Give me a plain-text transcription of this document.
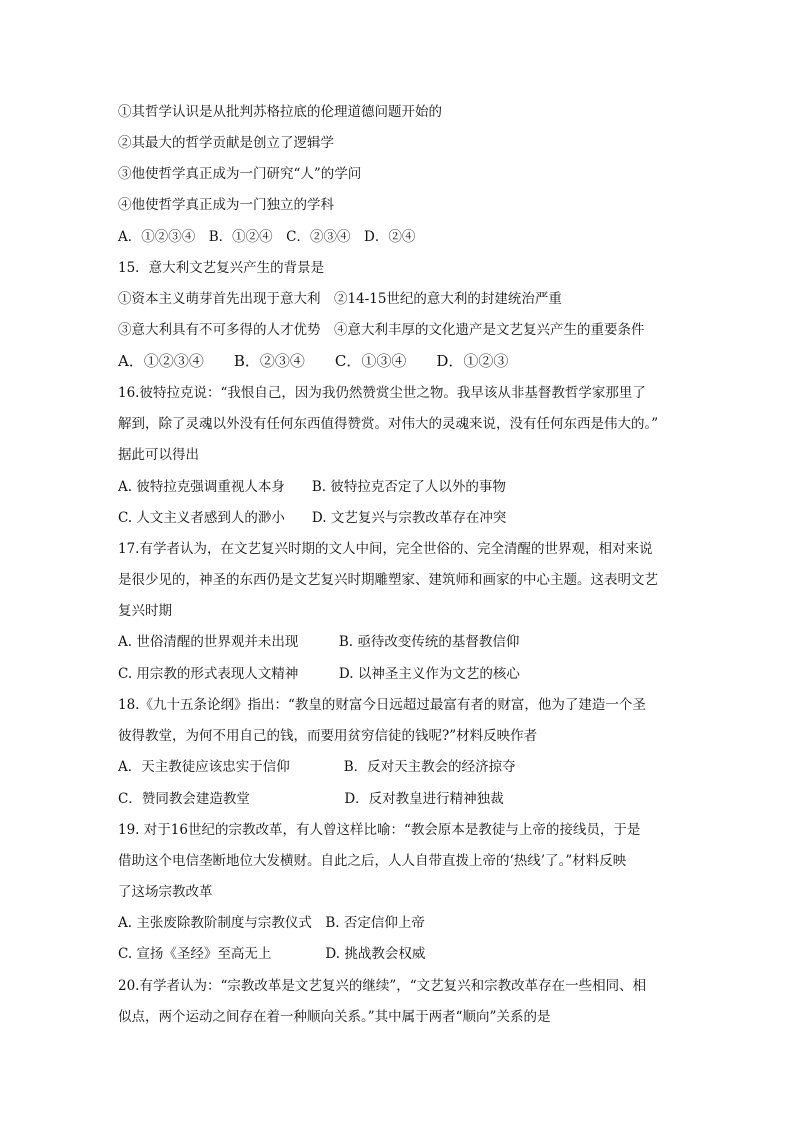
①其哲学认识是从批判苏格拉底的伦理道德问题开始的
②其最大的哲学贡献是创立了逻辑学
③他使哲学真正成为一门研究“人”的学问
④他使哲学真正成为一门独立的学科
A．①②③④　B．①②④　C．②③④　D．②④
15．意大利文艺复兴产生的背景是
①资本主义萌芽首先出现于意大利　②14-15世纪的意大利的封建统治严重
③意大利具有不可多得的人才优势　④意大利丰厚的文化遗产是文艺复兴产生的重要条件
A．①②③④　　B．②③④　　C．①③④　　D．①②③
16.彼特拉克说：“我恨自己，因为我仍然赞赏尘世之物。我早该从非基督教哲学家那里了
解到，除了灵魂以外没有任何东西值得赞赏。对伟大的灵魂来说，没有任何东西是伟大的。”
据此可以得出
A. 彼特拉克强调重视人本身　　B. 彼特拉克否定了人以外的事物
C. 人文主义者感到人的渺小　　D. 文艺复兴与宗教改革存在冲突
17.有学者认为，在文艺复兴时期的文人中间，完全世俗的、完全清醒的世界观，相对来说
是很少见的，神圣的东西仍是文艺复兴时期雕塑家、建筑师和画家的中心主题。这表明文艺
复兴时期
A. 世俗清醒的世界观并未出现　　　B. 亟待改变传统的基督教信仰
C. 用宗教的形式表现人文精神　　　D. 以神圣主义作为文艺的核心
18.《九十五条论纲》指出：“教皇的财富今日远超过最富有者的财富，他为了建造一个圣
彼得教堂，为何不用自己的钱，而要用贫穷信徒的钱呢?”材料反映作者
A．天主教徒应该忠实于信仰　　　　B．反对天主教会的经济掠夺
C．赞同教会建造教堂　　　　　　　D．反对教皇进行精神独裁
19. 对于16世纪的宗教改革，有人曾这样比喻：“教会原本是教徒与上帝的接线员，于是
借助这个电信垄断地位大发横财。自此之后，人人自带直拨上帝的‘热线’了。”材料反映
了这场宗教改革
A. 主张废除教阶制度与宗教仪式　B. 否定信仰上帝
C. 宣扬《圣经》至高无上　　　　D. 挑战教会权威
20.有学者认为：“宗教改革是文艺复兴的继续”，“文艺复兴和宗教改革存在一些相同、相
似点，两个运动之间存在着一种顺向关系。”其中属于两者“顺向”关系的是
